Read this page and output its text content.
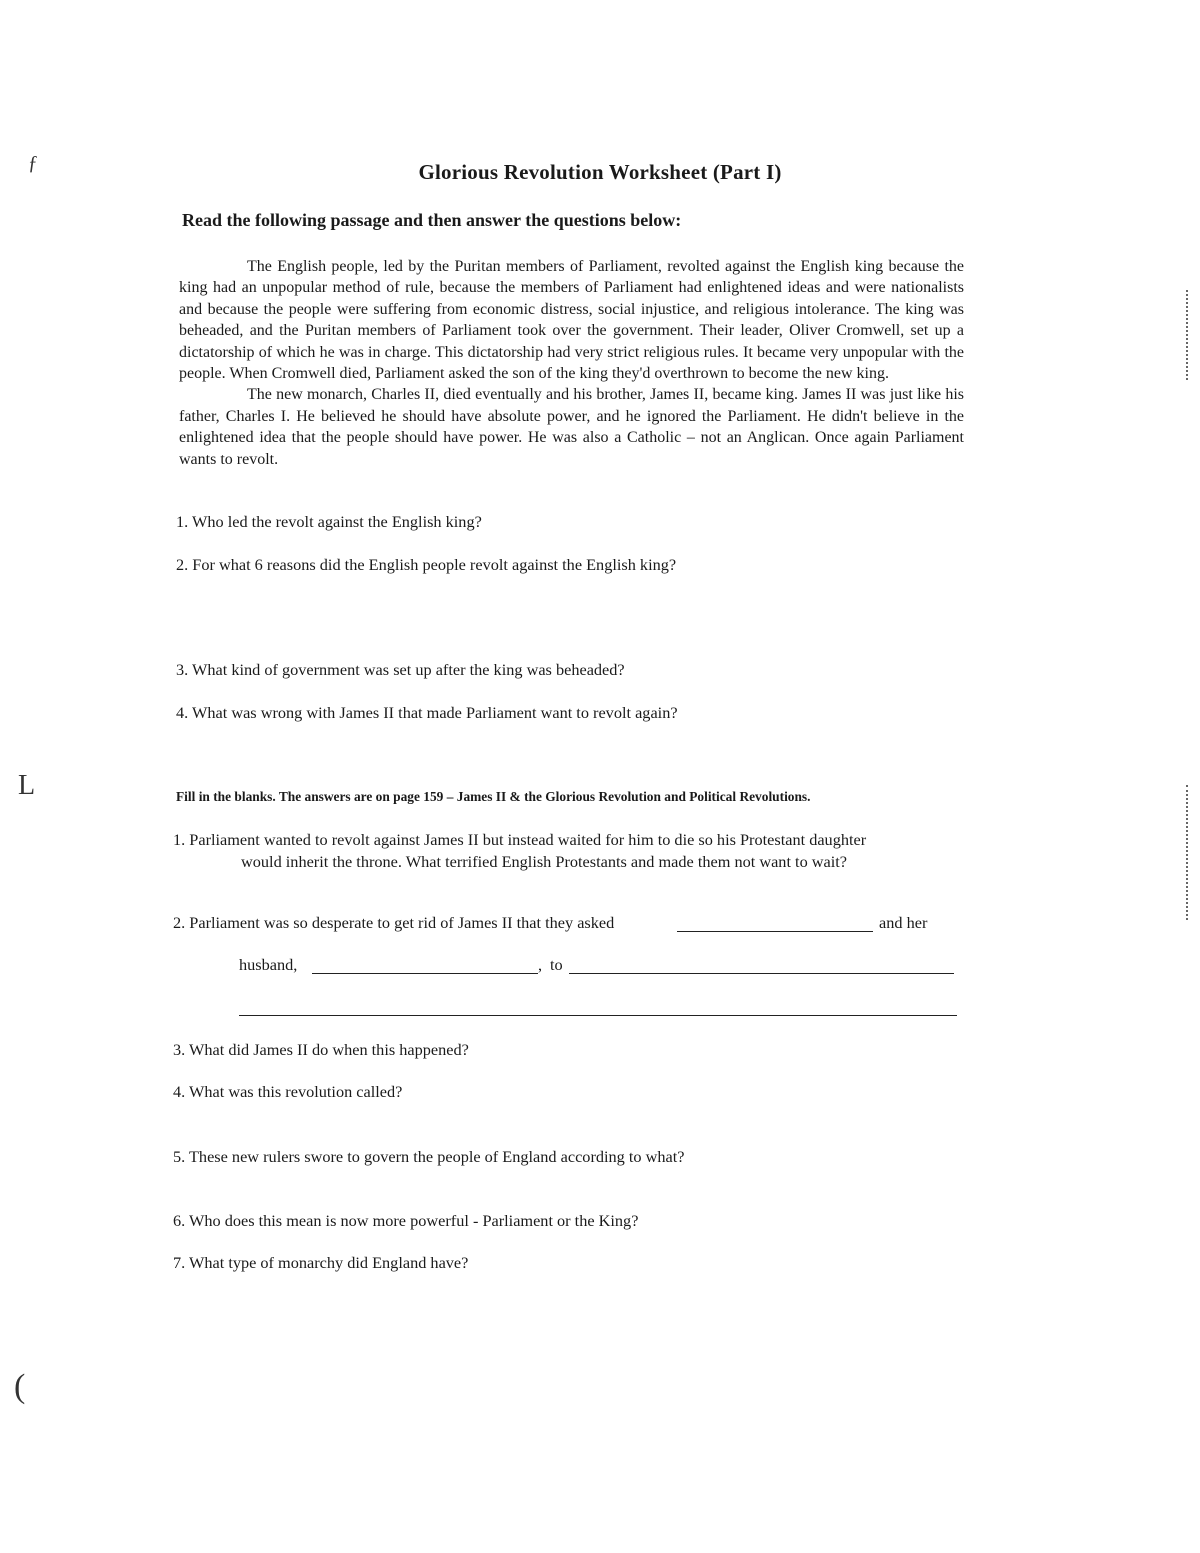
ƒ
L
(
Glorious Revolution Worksheet (Part I)
Read the following passage and then answer the questions below:

The English people, led by the Puritan members of Parliament, revolted against the English king because the king had an unpopular method of rule, because the members of Parliament had enlightened ideas and were nationalists and because the people were suffering from economic distress, social injustice, and religious intolerance. The king was beheaded, and the Puritan members of Parliament took over the government. Their leader, Oliver Cromwell, set up a dictatorship of which he was in charge. This dictatorship had very strict religious rules. It became very unpopular with the people. When Cromwell died, Parliament asked the son of the king they'd overthrown to become the new king.

The new monarch, Charles II, died eventually and his brother, James II, became king. James II was just like his father, Charles I. He believed he should have absolute power, and he ignored the Parliament. He didn't believe in the enlightened idea that the people should have power. He was also a Catholic – not an Anglican. Once again Parliament wants to revolt.

1. Who led the revolt against the English king?
2. For what 6 reasons did the English people revolt against the English king?
3. What kind of government was set up after the king was beheaded?
4. What was wrong with James II that made Parliament want to revolt again?
Fill in the blanks. The answers are on page 159 – James II & the Glorious Revolution and Political Revolutions.
1. Parliament wanted to revolt against James II but instead waited for him to die so his Protestant daughter
would inherit the throne. What terrified English Protestants and made them not want to wait?
2. Parliament was so desperate to get rid of James II that they asked	and her
husband,	, to
3. What did James II do when this happened?
4. What was this revolution called?
5. These new rulers swore to govern the people of England according to what?
6. Who does this mean is now more powerful - Parliament or the King?
7. What type of monarchy did England have?
